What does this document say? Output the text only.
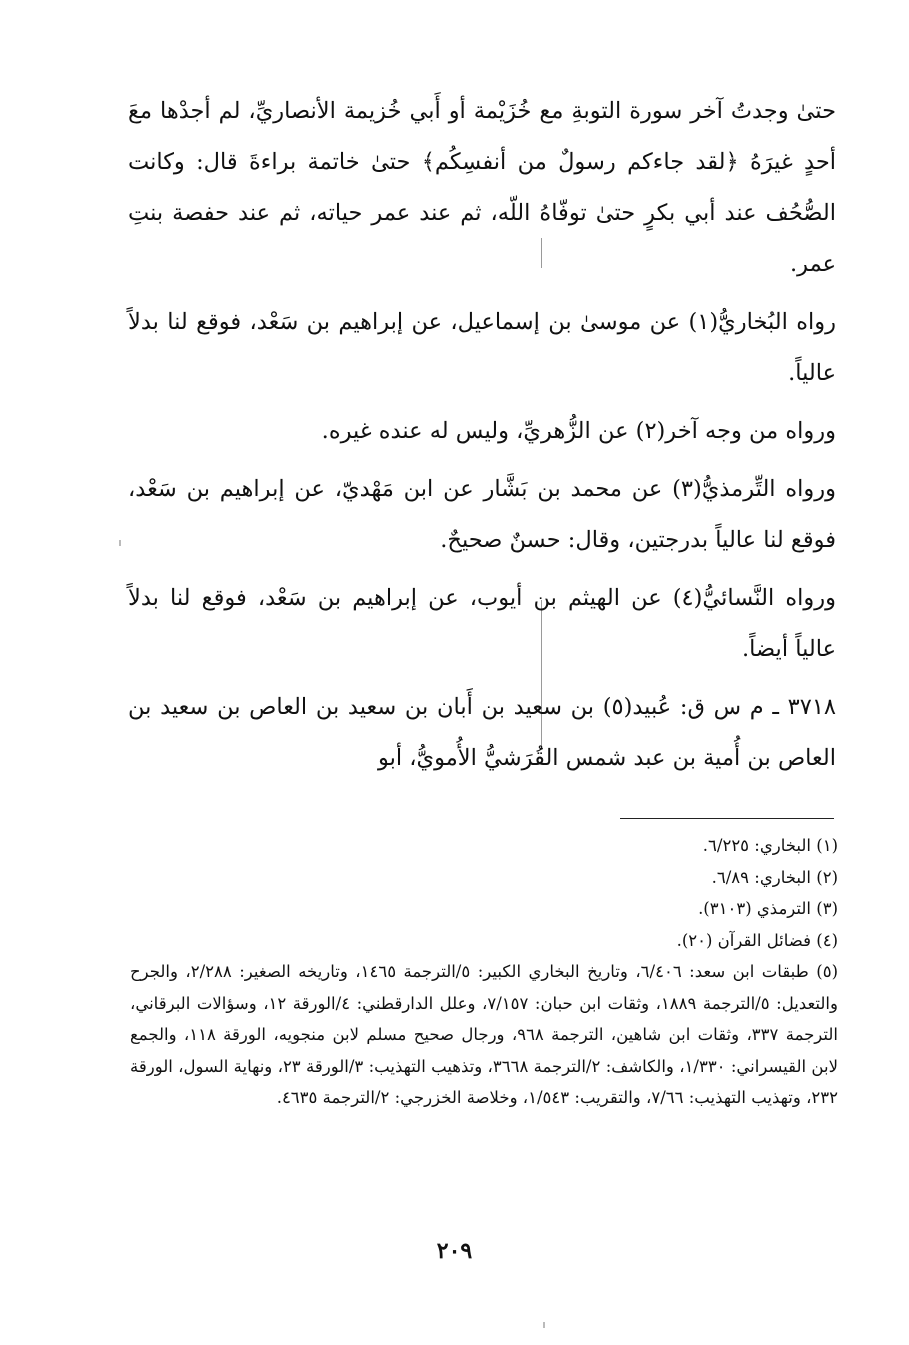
حتىٰ وجدتُ آخر سورة التوبةِ مع خُزَيْمة أو أَبي خُزيمة الأنصاريِّ، لم أجدْها معَ أحدٍ غيرَهُ ﴿لقد جاءكم رسولٌ من أنفسِكُم﴾ حتىٰ خاتمة براءةَ قال: وكانت الصُّحُف عند أبي بكرٍ حتىٰ توفّاهُ اللّه، ثم عند عمر حياته، ثم عند حفصة بنتِ عمر.

رواه البُخاريُّ(١) عن موسىٰ بن إسماعيل، عن إبراهيم بن سَعْد، فوقع لنا بدلاً عالياً.

ورواه من وجه آخر(٢) عن الزُّهريِّ، وليس له عنده غيره.

ورواه التِّرمذيُّ(٣) عن محمد بن بَشَّار عن ابن مَهْديّ، عن إبراهيم بن سَعْد، فوقع لنا عالياً بدرجتين، وقال: حسنٌ صحيحٌ.

ورواه النَّسائيُّ(٤) عن الهيثم بن أيوب، عن إبراهيم بن سَعْد، فوقع لنا بدلاً عالياً أيضاً.

٣٧١٨ ـ م س ق: عُبيد(٥) بن سعيد بن أَبان بن سعيد بن العاص بن سعيد بن العاص بن أُمية بن عبد شمس القُرَشيُّ الأُمويُّ، أبو

(١) البخاري: ٦/٢٢٥.

(٢) البخاري: ٦/٨٩.

(٣) الترمذي (٣١٠٣).

(٤) فضائل القرآن (٢٠).

(٥) طبقات ابن سعد: ٦/٤٠٦، وتاريخ البخاري الكبير: ٥/الترجمة ١٤٦٥، وتاريخه الصغير: ٢/٢٨٨، والجرح والتعديل: ٥/الترجمة ١٨٨٩، وثقات ابن حبان: ٧/١٥٧، وعلل الدارقطني: ٤/الورقة ١٢، وسؤالات البرقاني، الترجمة ٣٣٧، وثقات ابن شاهين، الترجمة ٩٦٨، ورجال صحيح مسلم لابن منجويه، الورقة ١١٨، والجمع لابن القيسراني: ١/٣٣٠، والكاشف: ٢/الترجمة ٣٦٦٨، وتذهيب التهذيب: ٣/الورقة ٢٣، ونهاية السول، الورقة ٢٣٢، وتهذيب التهذيب: ٧/٦٦، والتقريب: ١/٥٤٣، وخلاصة الخزرجي: ٢/الترجمة ٤٦٣٥.

٢٠٩
